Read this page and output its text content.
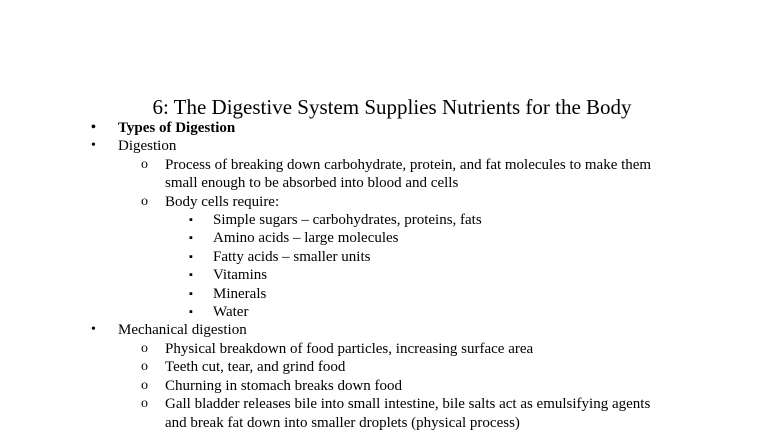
6: The Digestive System Supplies Nutrients for the Body
• Types of Digestion
• Digestion
o Process of breaking down carbohydrate, protein, and fat molecules to make them
small enough to be absorbed into blood and cells
o Body cells require:
▪ Simple sugars – carbohydrates, proteins, fats
▪ Amino acids – large molecules
▪ Fatty acids – smaller units
▪ Vitamins
▪ Minerals
▪ Water
• Mechanical digestion
o Physical breakdown of food particles, increasing surface area
o Teeth cut, tear, and grind food
o Churning in stomach breaks down food
o Gall bladder releases bile into small intestine, bile salts act as emulsifying agents
and break fat down into smaller droplets (physical process)
